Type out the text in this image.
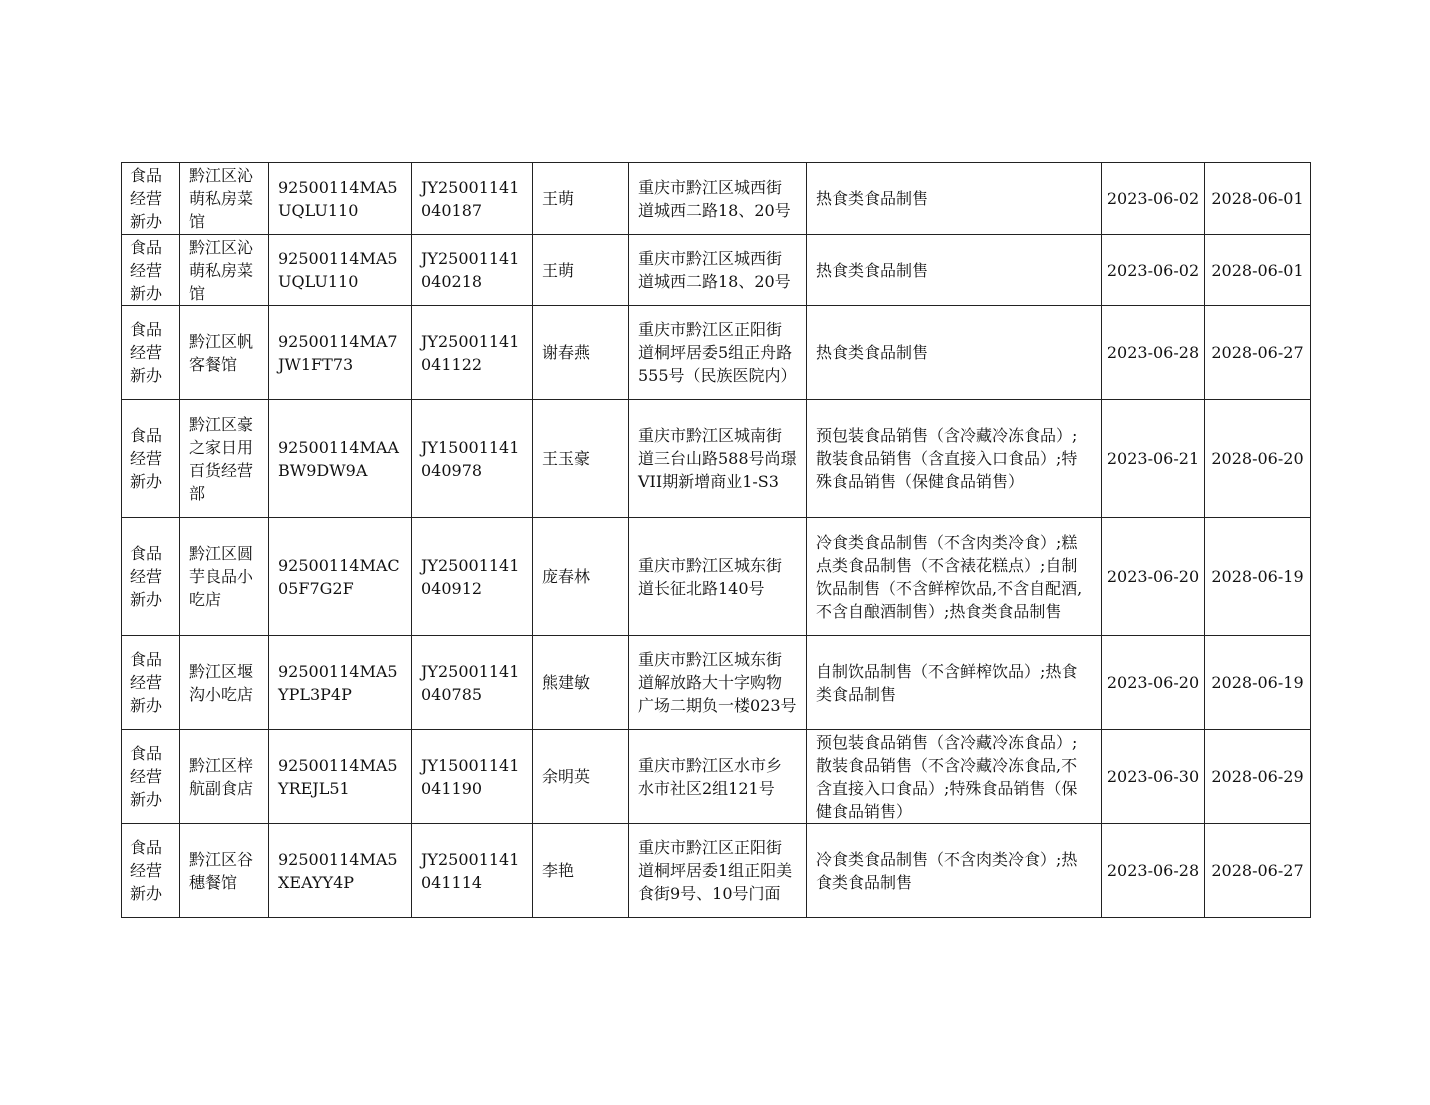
食品经营新办	黔江区沁萌私房菜馆	92500114MA5UQLU110	JY25001141040187	王萌	重庆市黔江区城西街道城西二路18、20号	热食类食品制售	2023-06-02	2028-06-01
食品经营新办	黔江区沁萌私房菜馆	92500114MA5UQLU110	JY25001141040218	王萌	重庆市黔江区城西街道城西二路18、20号	热食类食品制售	2023-06-02	2028-06-01
食品经营新办	黔江区帆客餐馆	92500114MA7JW1FT73	JY25001141041122	谢春燕	重庆市黔江区正阳街道桐坪居委5组正舟路555号（民族医院内）	热食类食品制售	2023-06-28	2028-06-27
食品经营新办	黔江区豪之家日用百货经营部	92500114MAABW9DW9A	JY15001141040978	王玉豪	重庆市黔江区城南街道三台山路588号尚璟VII期新增商业1-S3	预包装食品销售（含冷藏冷冻食品）;散装食品销售（含直接入口食品）;特殊食品销售（保健食品销售）	2023-06-21	2028-06-20
食品经营新办	黔江区圆芋良品小吃店	92500114MAC05F7G2F	JY25001141040912	庞春林	重庆市黔江区城东街道长征北路140号	冷食类食品制售（不含肉类冷食）;糕点类食品制售（不含裱花糕点）;自制饮品制售（不含鲜榨饮品,不含自配酒,不含自酿酒制售）;热食类食品制售	2023-06-20	2028-06-19
食品经营新办	黔江区堰沟小吃店	92500114MA5YPL3P4P	JY25001141040785	熊建敏	重庆市黔江区城东街道解放路大十字购物广场二期负一楼023号	自制饮品制售（不含鲜榨饮品）;热食类食品制售	2023-06-20	2028-06-19
食品经营新办	黔江区梓航副食店	92500114MA5YREJL51	JY15001141041190	余明英	重庆市黔江区水市乡水市社区2组121号	预包装食品销售（含冷藏冷冻食品）;散装食品销售（不含冷藏冷冻食品,不含直接入口食品）;特殊食品销售（保健食品销售）	2023-06-30	2028-06-29
食品经营新办	黔江区谷穗餐馆	92500114MA5XEAYY4P	JY25001141041114	李艳	重庆市黔江区正阳街道桐坪居委1组正阳美食街9号、10号门面	冷食类食品制售（不含肉类冷食）;热食类食品制售	2023-06-28	2028-06-27
